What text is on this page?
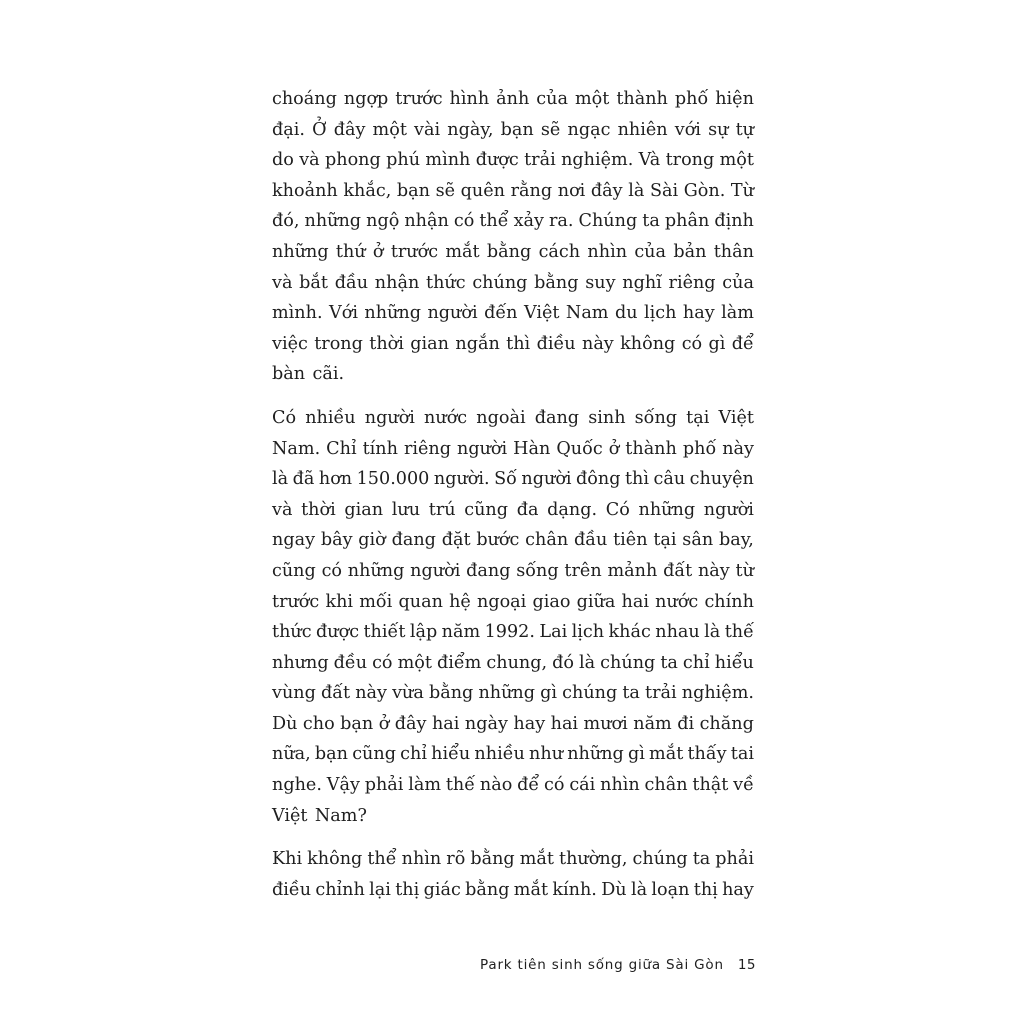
choáng ngợp trước hình ảnh của một thành phố hiện
đại. Ở đây một vài ngày, bạn sẽ ngạc nhiên với sự tự
do và phong phú mình được trải nghiệm. Và trong một
khoảnh khắc, bạn sẽ quên rằng nơi đây là Sài Gòn. Từ
đó, những ngộ nhận có thể xảy ra. Chúng ta phân định
những thứ ở trước mắt bằng cách nhìn của bản thân
và bắt đầu nhận thức chúng bằng suy nghĩ riêng của
mình. Với những người đến Việt Nam du lịch hay làm
việc trong thời gian ngắn thì điều này không có gì để
bàn cãi.
Có nhiều người nước ngoài đang sinh sống tại Việt
Nam. Chỉ tính riêng người Hàn Quốc ở thành phố này
là đã hơn 150.000 người. Số người đông thì câu chuyện
và thời gian lưu trú cũng đa dạng. Có những người
ngay bây giờ đang đặt bước chân đầu tiên tại sân bay,
cũng có những người đang sống trên mảnh đất này từ
trước khi mối quan hệ ngoại giao giữa hai nước chính
thức được thiết lập năm 1992. Lai lịch khác nhau là thế
nhưng đều có một điểm chung, đó là chúng ta chỉ hiểu
vùng đất này vừa bằng những gì chúng ta trải nghiệm.
Dù cho bạn ở đây hai ngày hay hai mươi năm đi chăng
nữa, bạn cũng chỉ hiểu nhiều như những gì mắt thấy tai
nghe. Vậy phải làm thế nào để có cái nhìn chân thật về
Việt Nam?
Khi không thể nhìn rõ bằng mắt thường, chúng ta phải
điều chỉnh lại thị giác bằng mắt kính. Dù là loạn thị hay
Park tiên sinh sống giữa Sài Gòn 15
